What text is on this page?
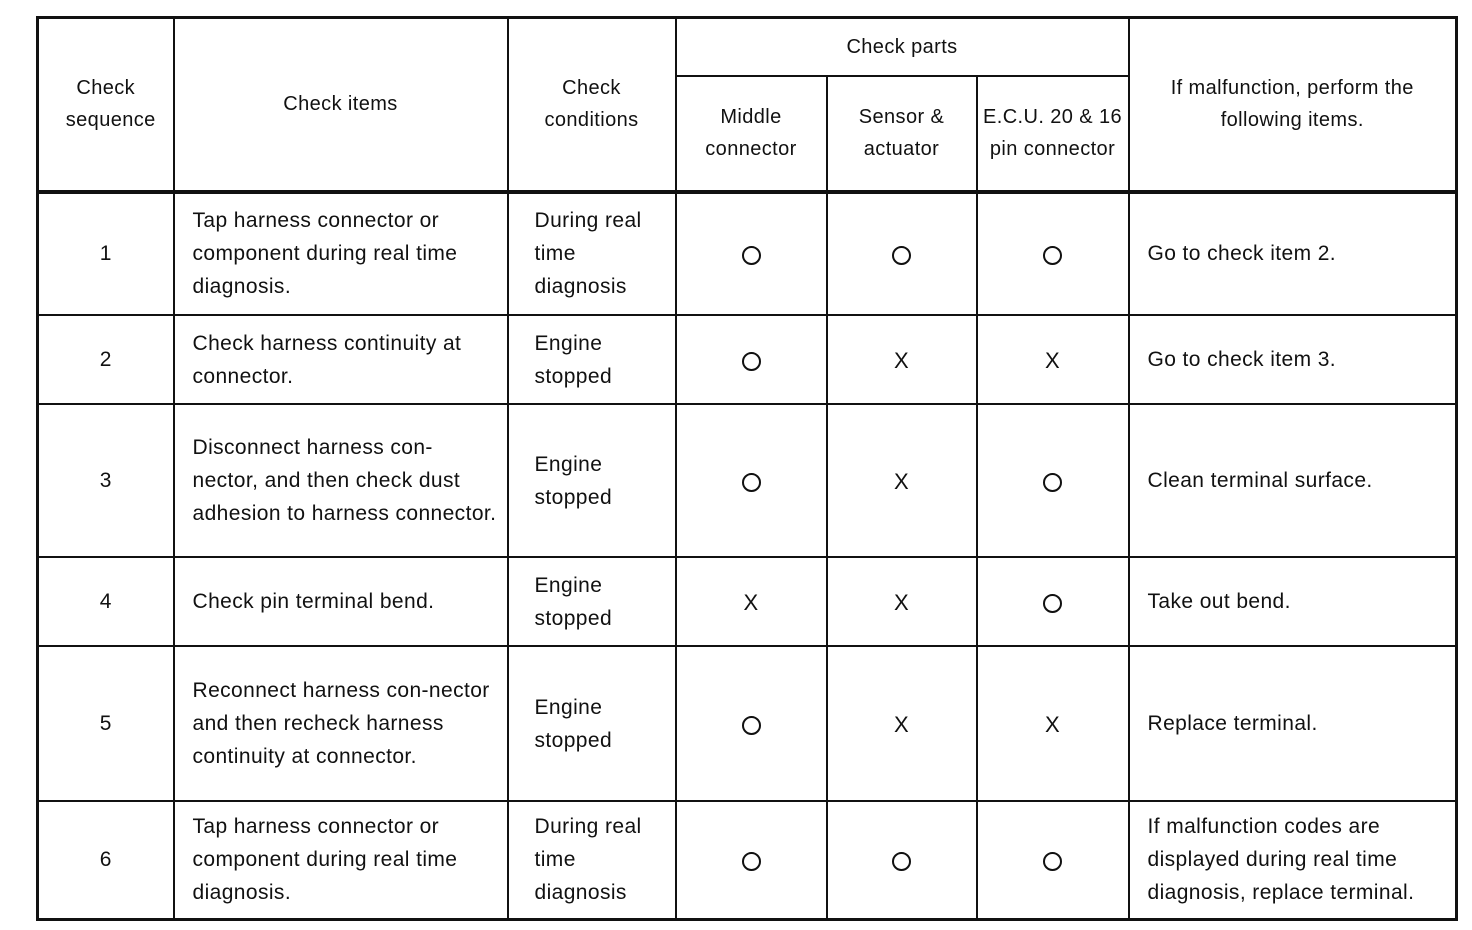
Check sequence	Check items	Check conditions	Check parts			If malfunction, perform the following items.

			Middle connector	Sensor & actuator	E.C.U. 20 & 16 pin connector	

1	Tap harness connector or component during real time diagnosis.	During real time diagnosis				Go to check item 2.
2	Check harness continuity at connector.	Engine stopped		X	X	Go to check item 3.
3	Disconnect harness con-nector, and then check dust adhesion to harness connector.	Engine stopped		X		Clean terminal surface.
4	Check pin terminal bend.	Engine stopped	X	X		Take out bend.
5	Reconnect harness con-nector and then recheck harness continuity at connector.	Engine stopped		X	X	Replace terminal.
6	Tap harness connector or component during real time diagnosis.	During real time diagnosis				If malfunction codes are displayed during real time diagnosis, replace terminal.
